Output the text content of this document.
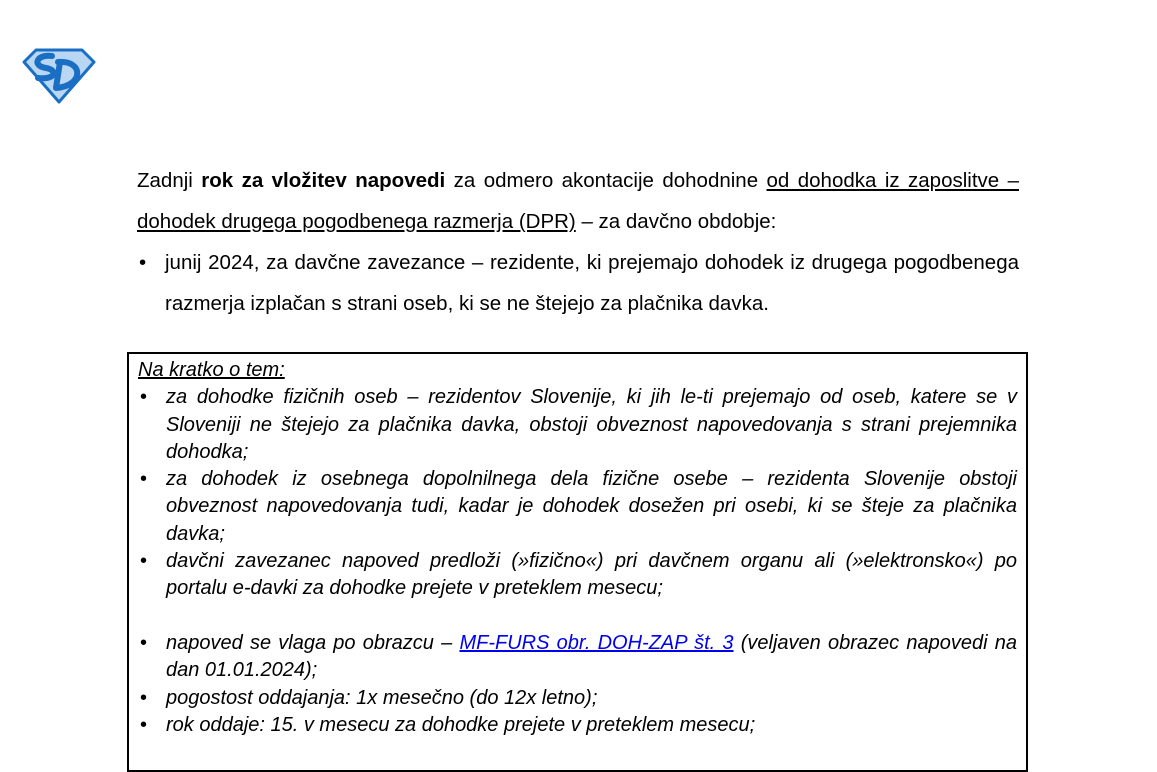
Zadnji rok za vložitev napovedi za odmero akontacije dohodnine od dohodka iz zaposlitve – dohodek drugega pogodbenega razmerja (DPR) – za davčno obdobje:

• junij 2024, za davčne zavezance – rezidente, ki prejemajo dohodek iz drugega pogodbenega razmerja izplačan s strani oseb, ki se ne štejejo za plačnika davka.
Na kratko o tem:
• za dohodke fizičnih oseb – rezidentov Slovenije, ki jih le-ti prejemajo od oseb, katere se v Sloveniji ne štejejo za plačnika davka, obstoji obveznost napovedovanja s strani prejemnika dohodka;
• za dohodek iz osebnega dopolnilnega dela fizične osebe – rezidenta Slovenije obstoji obveznost napovedovanja tudi, kadar je dohodek dosežen pri osebi, ki se šteje za plačnika davka;
• davčni zavezanec napoved predloži (»fizično«) pri davčnem organu ali (»elektronsko«) po portalu e-davki za dohodke prejete v preteklem mesecu;
• napoved se vlaga po obrazcu – MF-FURS obr. DOH-ZAP št. 3 (veljaven obrazec napovedi na dan 01.01.2024);
• pogostost oddajanja: 1x mesečno (do 12x letno);
• rok oddaje: 15. v mesecu za dohodke prejete v preteklem mesecu;
